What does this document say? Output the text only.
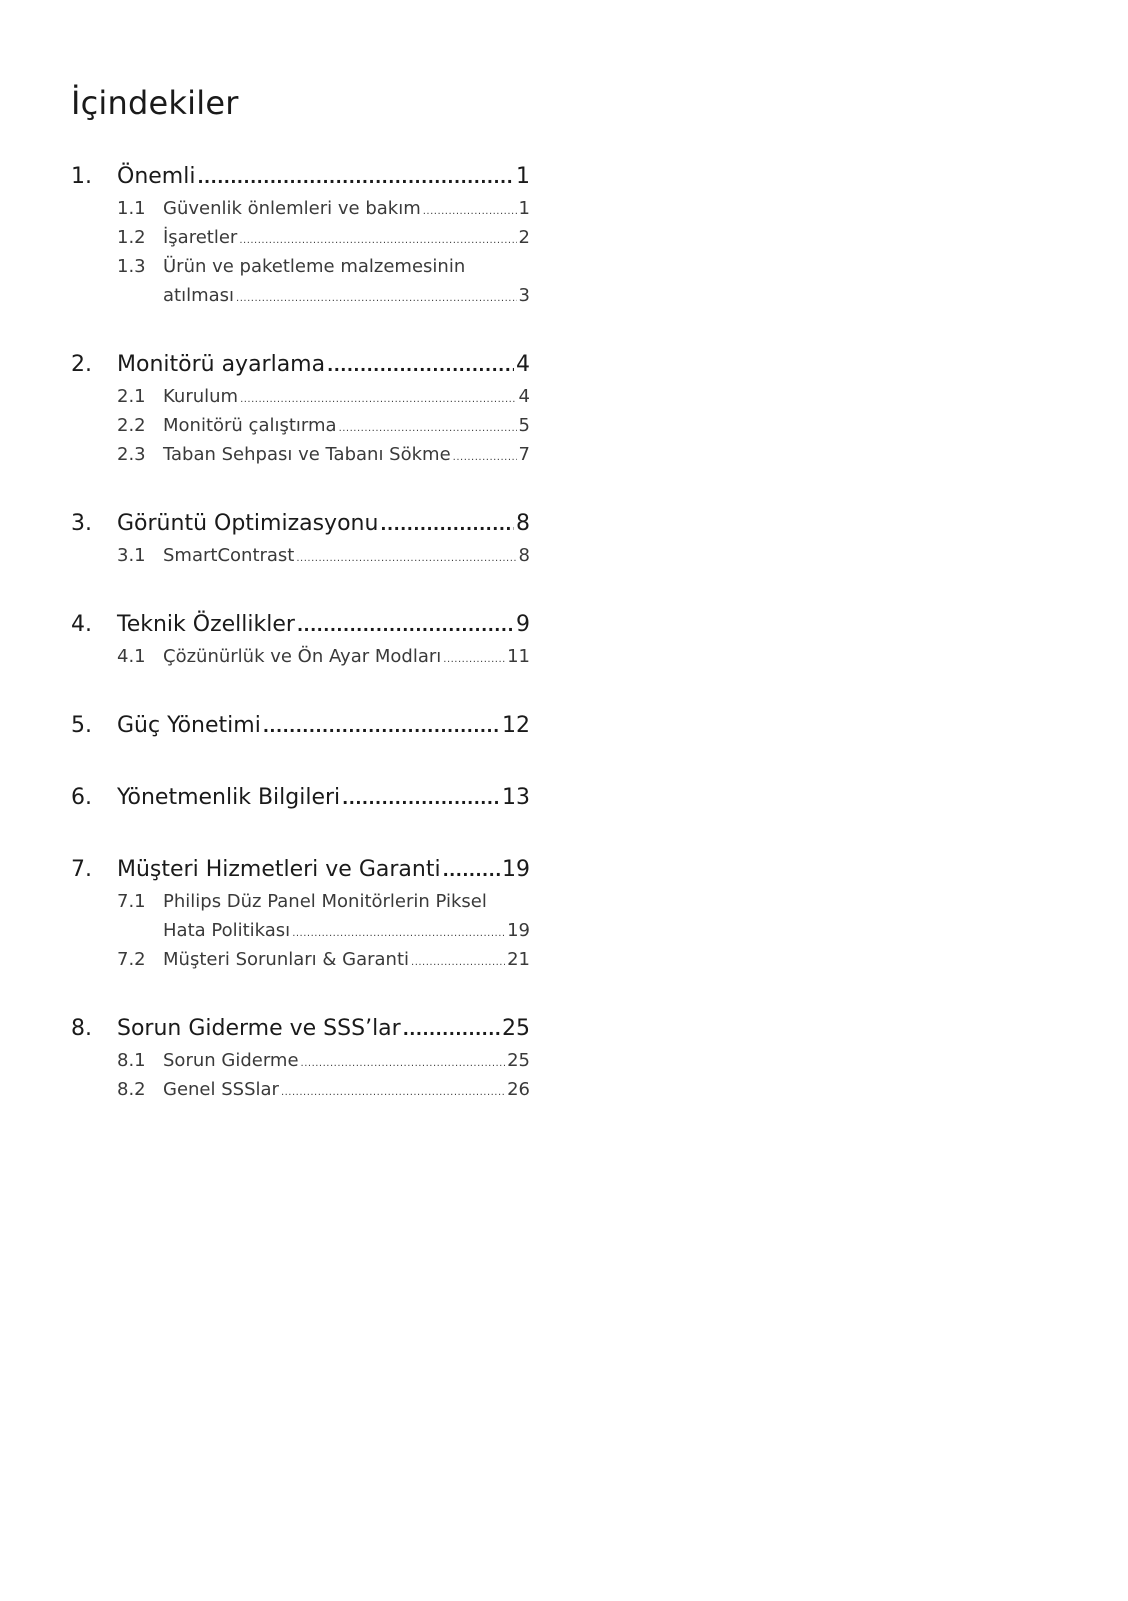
İçindekiler
1.	Önemli .....	1
1.1 Güvenlik önlemleri ve bakım .....	1
1.2 İşaretler .....	2
1.3 Ürün ve paketleme malzemesinin
atılması .....	3
2.	Monitörü ayarlama .....	4
2.1 Kurulum .....	4
2.2 Monitörü çalıştırma .....	5
2.3 Taban Sehpası ve Tabanı Sökme .....	7
3.	Görüntü Optimizasyonu .....	8
3.1 SmartContrast .....	8
4.	Teknik Özellikler .....	9
4.1 Çözünürlük ve Ön Ayar Modları .....	11
5.	Güç Yönetimi .....	12
6.	Yönetmenlik Bilgileri .....	13
7.	Müşteri Hizmetleri ve Garanti .....	19
7.1 Philips Düz Panel Monitörlerin Piksel
Hata Politikası .....	19
7.2 Müşteri Sorunları & Garanti .....	21
8.	Sorun Giderme ve SSS’lar .....	25
8.1 Sorun Giderme .....	25
8.2 Genel SSSlar .....	26
